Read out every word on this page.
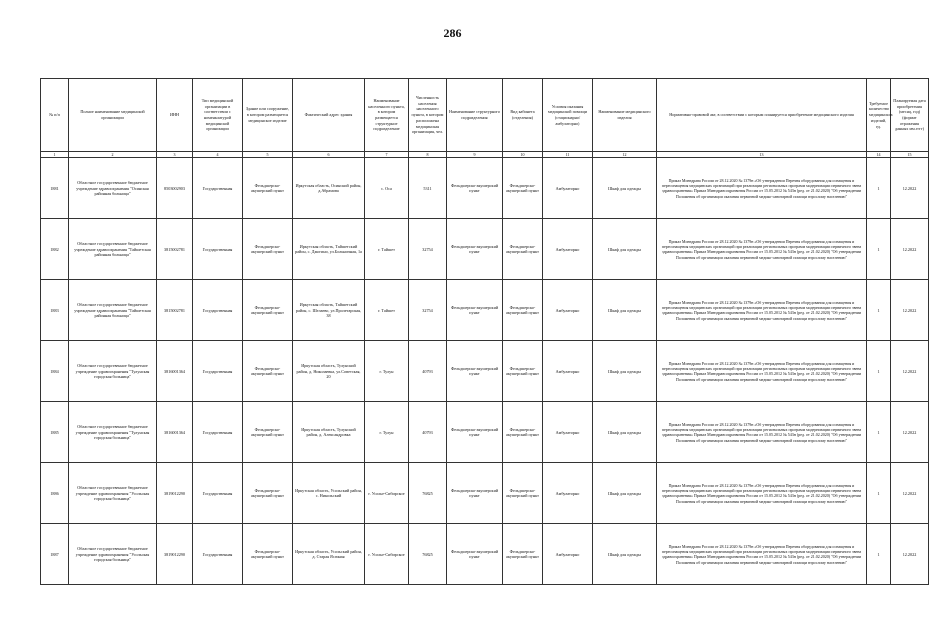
286
№ п/п	Полное наименование медицинской организации	ИНН	Тип медицинской организации в соответствии с номенклатурой медицинской организации	Здание или сооружение, в котором размещается медицинское изделие	Фактический адрес здания	Наименование населенного пункта, в котором размещается структурное подразделение	Численность населения населенного пункта, в котором расположена медицинская организация, чел.	Наименование структурного подразделения	Вид кабинета (отделения)	Условия оказания медицинской помощи (стационарно/амбулаторно)	Наименование медицинского изделия	Нормативно-правовой акт, в соответствии с которым планируется приобретение медицинского изделия	Требуемое количество медицинских изделий, ед.	Планируемая дата приобретения (месяц, год) (формат отражения данных мм.гггг)
1	2	3	4	5	6	7	8	9	10	11	12	13	14	15
1881	Областное государственное бюджетное учреждение здравоохранения "Осинская районная больница"	8503002903	Государственная	Фельдшерско-акушерский пункт	Иркутская область, Осинский район, д.Абрамова	с. Оса	5311	Фельдшерско-акушерский пункт	Фельдшерско-акушерский пункт	Амбулаторно	Шкаф для одежды	Приказ Минздрава России от 28.12.2020 № 1379н «Об утверждении Перечня оборудования для оснащения и переоснащения медицинских организаций при реализации региональных программ модернизации первичного звена здравоохранения» Приказ Минздравсоцразвития России от 15.05.2012 № 543н (ред. от 21.02.2020) "Об утверждении Положения об организации оказания первичной медико-санитарной помощи взрослому населению"	1	12.2022
1882	Областное государственное бюджетное учреждение здравоохранения "Тайшетская районная больница"	3815002781	Государственная	Фельдшерско-акушерский пункт	Иркутская область, Тайшетский район, с. Джогино, ул.Больничная, 1а	г. Тайшет	32754	Фельдшерско-акушерский пункт	Фельдшерско-акушерский пункт	Амбулаторно	Шкаф для одежды	Приказ Минздрава России от 28.12.2020 № 1379н «Об утверждении Перечня оборудования для оснащения и переоснащения медицинских организаций при реализации региональных программ модернизации первичного звена здравоохранения» Приказ Минздравсоцразвития России от 15.05.2012 № 543н (ред. от 21.02.2020) "Об утверждении Положения об организации оказания первичной медико-санитарной помощи взрослому населению"	1	12.2022
1883	Областное государственное бюджетное учреждение здравоохранения "Тайшетская районная больница"	3815002781	Государственная	Фельдшерско-акушерский пункт	Иркутская область, Тайшетский район, с. Шелаево, ул.Пролетарская, 38	г. Тайшет	32754	Фельдшерско-акушерский пункт	Фельдшерско-акушерский пункт	Амбулаторно	Шкаф для одежды	Приказ Минздрава России от 28.12.2020 № 1379н «Об утверждении Перечня оборудования для оснащения и переоснащения медицинских организаций при реализации региональных программ модернизации первичного звена здравоохранения» Приказ Минздравсоцразвития России от 15.05.2012 № 543н (ред. от 21.02.2020) "Об утверждении Положения об организации оказания первичной медико-санитарной помощи взрослому населению"	1	12.2022
1884	Областное государственное бюджетное учреждение здравоохранения "Тулунская городская больница"	3816001364	Государственная	Фельдшерско-акушерский пункт	Иркутская область, Тулунский район, д. Николаевка, ул.Советская, 20	г. Тулун	40793	Фельдшерско-акушерский пункт	Фельдшерско-акушерский пункт	Амбулаторно	Шкаф для одежды	Приказ Минздрава России от 28.12.2020 № 1379н «Об утверждении Перечня оборудования для оснащения и переоснащения медицинских организаций при реализации региональных программ модернизации первичного звена здравоохранения» Приказ Минздравсоцразвития России от 15.05.2012 № 543н (ред. от 21.02.2020) "Об утверждении Положения об организации оказания первичной медико-санитарной помощи взрослому населению"	1	12.2022
1885	Областное государственное бюджетное учреждение здравоохранения "Тулунская городская больница"	3816001364	Государственная	Фельдшерско-акушерский пункт	Иркутская область, Тулунский район, д. Александровка	г. Тулун	40793	Фельдшерско-акушерский пункт	Фельдшерско-акушерский пункт	Амбулаторно	Шкаф для одежды	Приказ Минздрава России от 28.12.2020 № 1379н «Об утверждении Перечня оборудования для оснащения и переоснащения медицинских организаций при реализации региональных программ модернизации первичного звена здравоохранения» Приказ Минздравсоцразвития России от 15.05.2012 № 543н (ред. от 21.02.2020) "Об утверждении Положения об организации оказания первичной медико-санитарной помощи взрослому населению"	1	12.2022
1886	Областное государственное бюджетное учреждение здравоохранения "Усольская городская больница"	3819012290	Государственная	Фельдшерско-акушерский пункт	Иркутская область, Усольский район, с. Никольский	г. Усолье-Сибирское	76825	Фельдшерско-акушерский пункт	Фельдшерско-акушерский пункт	Амбулаторно	Шкаф для одежды	Приказ Минздрава России от 28.12.2020 № 1379н «Об утверждении Перечня оборудования для оснащения и переоснащения медицинских организаций при реализации региональных программ модернизации первичного звена здравоохранения» Приказ Минздравсоцразвития России от 15.05.2012 № 543н (ред. от 21.02.2020) "Об утверждении Положения об организации оказания первичной медико-санитарной помощи взрослому населению"	1	12.2022
1887	Областное государственное бюджетное учреждение здравоохранения "Усольская городская больница"	3819012290	Государственная	Фельдшерско-акушерский пункт	Иркутская область, Усольский район, д. Старая Ясачная	г. Усолье-Сибирское	76825	Фельдшерско-акушерский пункт	Фельдшерско-акушерский пункт	Амбулаторно	Шкаф для одежды	Приказ Минздрава России от 28.12.2020 № 1379н «Об утверждении Перечня оборудования для оснащения и переоснащения медицинских организаций при реализации региональных программ модернизации первичного звена здравоохранения» Приказ Минздравсоцразвития России от 15.05.2012 № 543н (ред. от 21.02.2020) "Об утверждении Положения об организации оказания первичной медико-санитарной помощи взрослому населению"	1	12.2022
